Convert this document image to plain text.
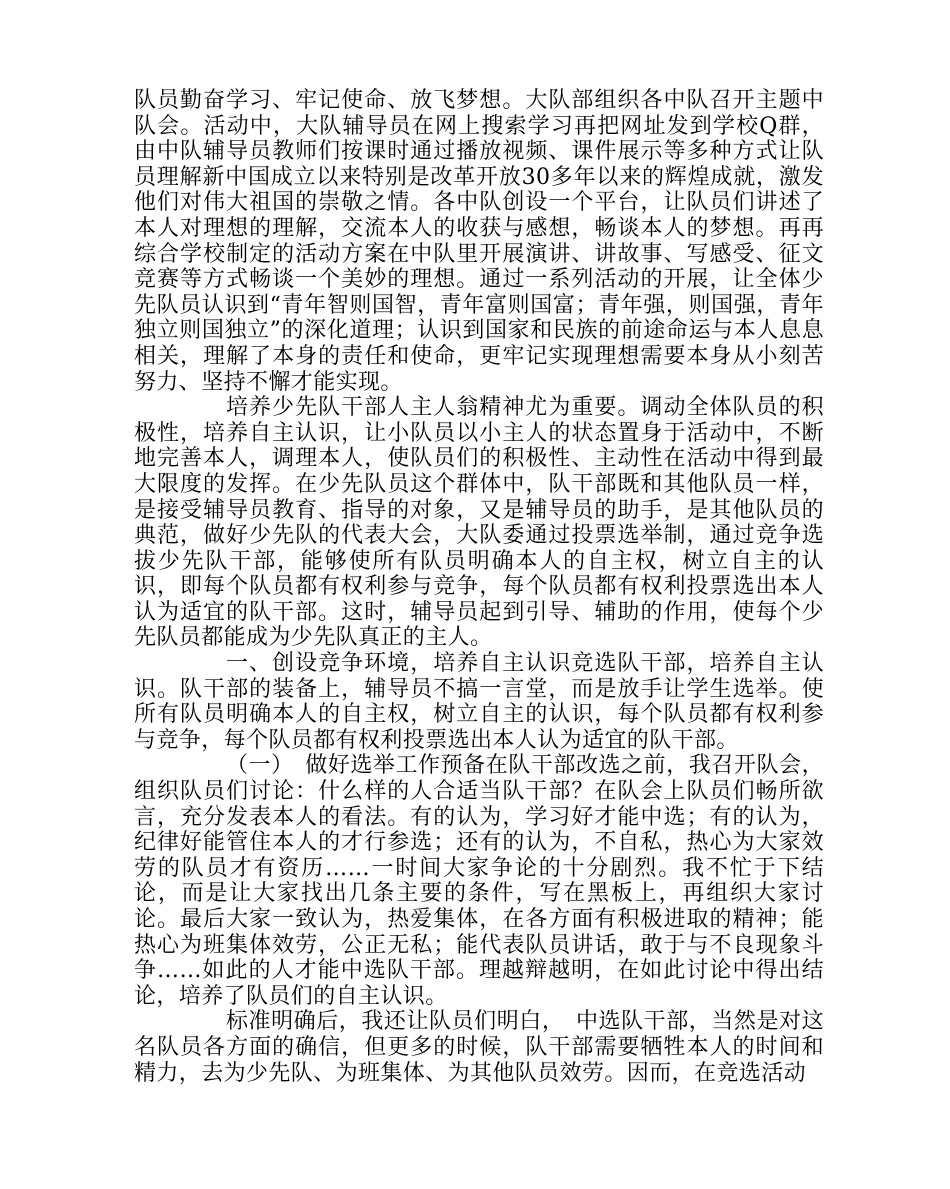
队员勤奋学习、牢记使命、放飞梦想。大队部组织各中队召开主题中队会。活动中，大队辅导员在网上搜索学习再把网址发到学校Q群，由中队辅导员教师们按课时通过播放视频、课件展示等多种方式让队员理解新中国成立以来特别是改革开放30多年以来的辉煌成就，激发他们对伟大祖国的崇敬之情。各中队创设一个平台，让队员们讲述了本人对理想的理解，交流本人的收获与感想，畅谈本人的梦想。再再综合学校制定的活动方案在中队里开展演讲、讲故事、写感受、征文竞赛等方式畅谈一个美妙的理想。通过一系列活动的开展，让全体少先队员认识到“青年智则国智，青年富则国富；青年强，则国强，青年独立则国独立”的深化道理；认识到国家和民族的前途命运与本人息息相关，理解了本身的责任和使命，更牢记实现理想需要本身从小刻苦努力、坚持不懈才能实现。

培养少先队干部人主人翁精神尤为重要。调动全体队员的积极性，培养自主认识，让小队员以小主人的状态置身于活动中，不断地完善本人，调理本人，使队员们的积极性、主动性在活动中得到最大限度的发挥。在少先队员这个群体中，队干部既和其他队员一样，是接受辅导员教育、指导的对象，又是辅导员的助手，是其他队员的典范，做好少先队的代表大会，大队委通过投票选举制，通过竞争选拔少先队干部，能够使所有队员明确本人的自主权，树立自主的认识，即每个队员都有权利参与竞争，每个队员都有权利投票选出本人认为适宜的队干部。这时，辅导员起到引导、辅助的作用，使每个少先队员都能成为少先队真正的主人。

一、创设竞争环境，培养自主认识竞选队干部，培养自主认识。队干部的装备上，辅导员不搞一言堂，而是放手让学生选举。使所有队员明确本人的自主权，树立自主的认识，每个队员都有权利参与竞争，每个队员都有权利投票选出本人认为适宜的队干部。

（一）　做好选举工作预备在队干部改选之前，我召开队会，组织队员们讨论：什么样的人合适当队干部？在队会上队员们畅所欲言，充分发表本人的看法。有的认为，学习好才能中选；有的认为，纪律好能管住本人的才行参选；还有的认为，不自私，热心为大家效劳的队员才有资历……一时间大家争论的十分剧烈。我不忙于下结论，而是让大家找出几条主要的条件，写在黑板上，再组织大家讨论。最后大家一致认为，热爱集体，在各方面有积极进取的精神；能热心为班集体效劳，公正无私；能代表队员讲话，敢于与不良现象斗争……如此的人才能中选队干部。理越辩越明，在如此讨论中得出结论，培养了队员们的自主认识。

标准明确后，我还让队员们明白，　中选队干部，当然是对这名队员各方面的确信，但更多的时候，队干部需要牺牲本人的时间和精力，去为少先队、为班集体、为其他队员效劳。因而，在竞选活动
